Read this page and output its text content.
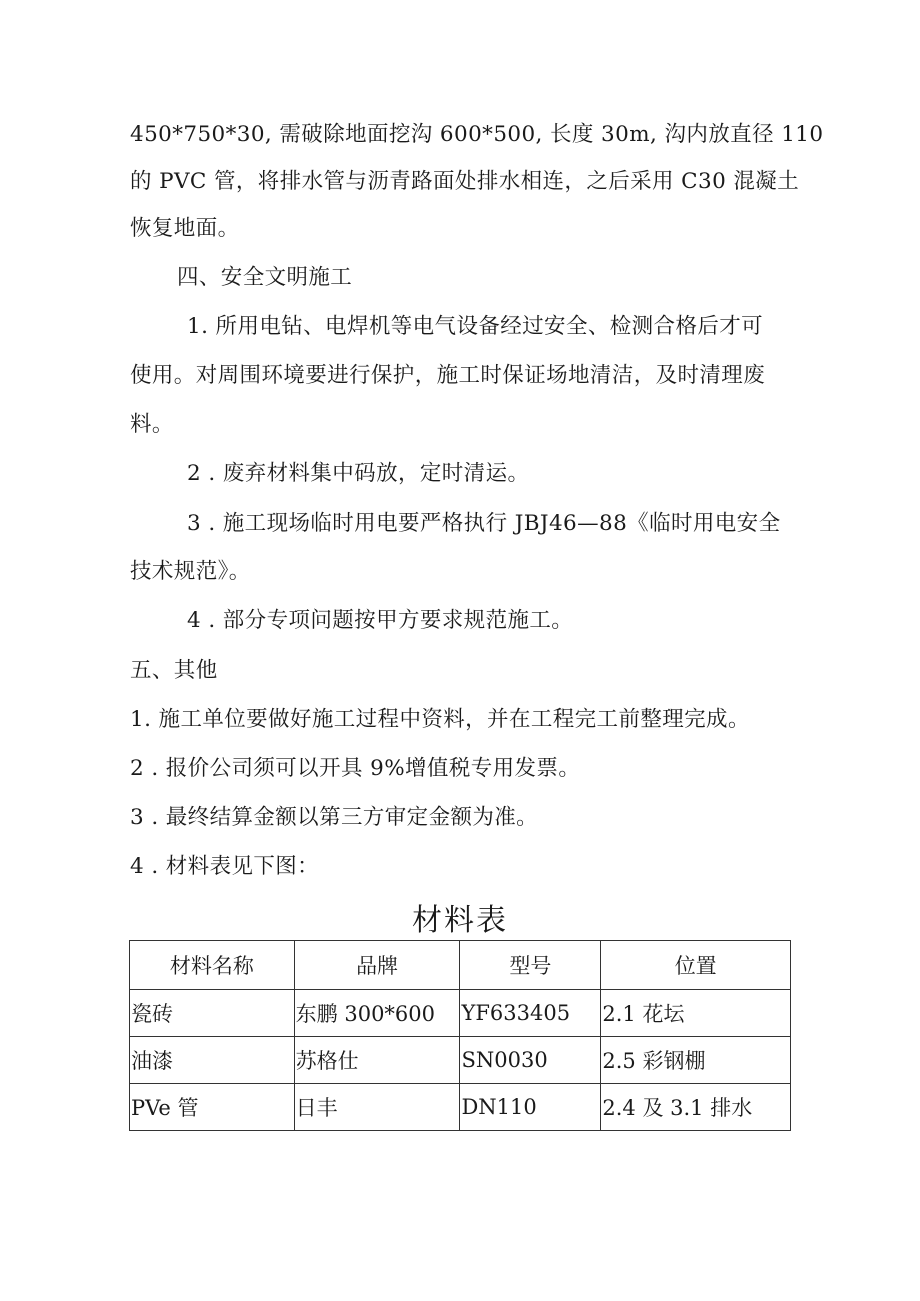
450*750*30, 需破除地面挖沟 600*500, 长度 30m, 沟内放直径 110
的 PVC 管，将排水管与沥青路面处排水相连，之后采用 C30 混凝土
恢复地面。
四、安全文明施工
1. 所用电钻、电焊机等电气设备经过安全、检测合格后才可
使用。对周围环境要进行保护，施工时保证场地清洁，及时清理废
料。
2 . 废弃材料集中码放，定时清运。
3 . 施工现场临时用电要严格执行 JBJ46—88《临时用电安全
技术规范》。
4 . 部分专项问题按甲方要求规范施工。
五、其他
1. 施工单位要做好施工过程中资料，并在工程完工前整理完成。
2 . 报价公司须可以开具 9%增值税专用发票。
3 . 最终结算金额以第三方审定金额为准。
4 . 材料表见下图：
材料表
材料名称	品牌	型号	位置
瓷砖	东鹏 300*600	YF633405	2.1 花坛
油漆	苏格仕	SN0030	2.5 彩钢棚
PVe 管	日丰	DN110	2.4 及 3.1 排水
